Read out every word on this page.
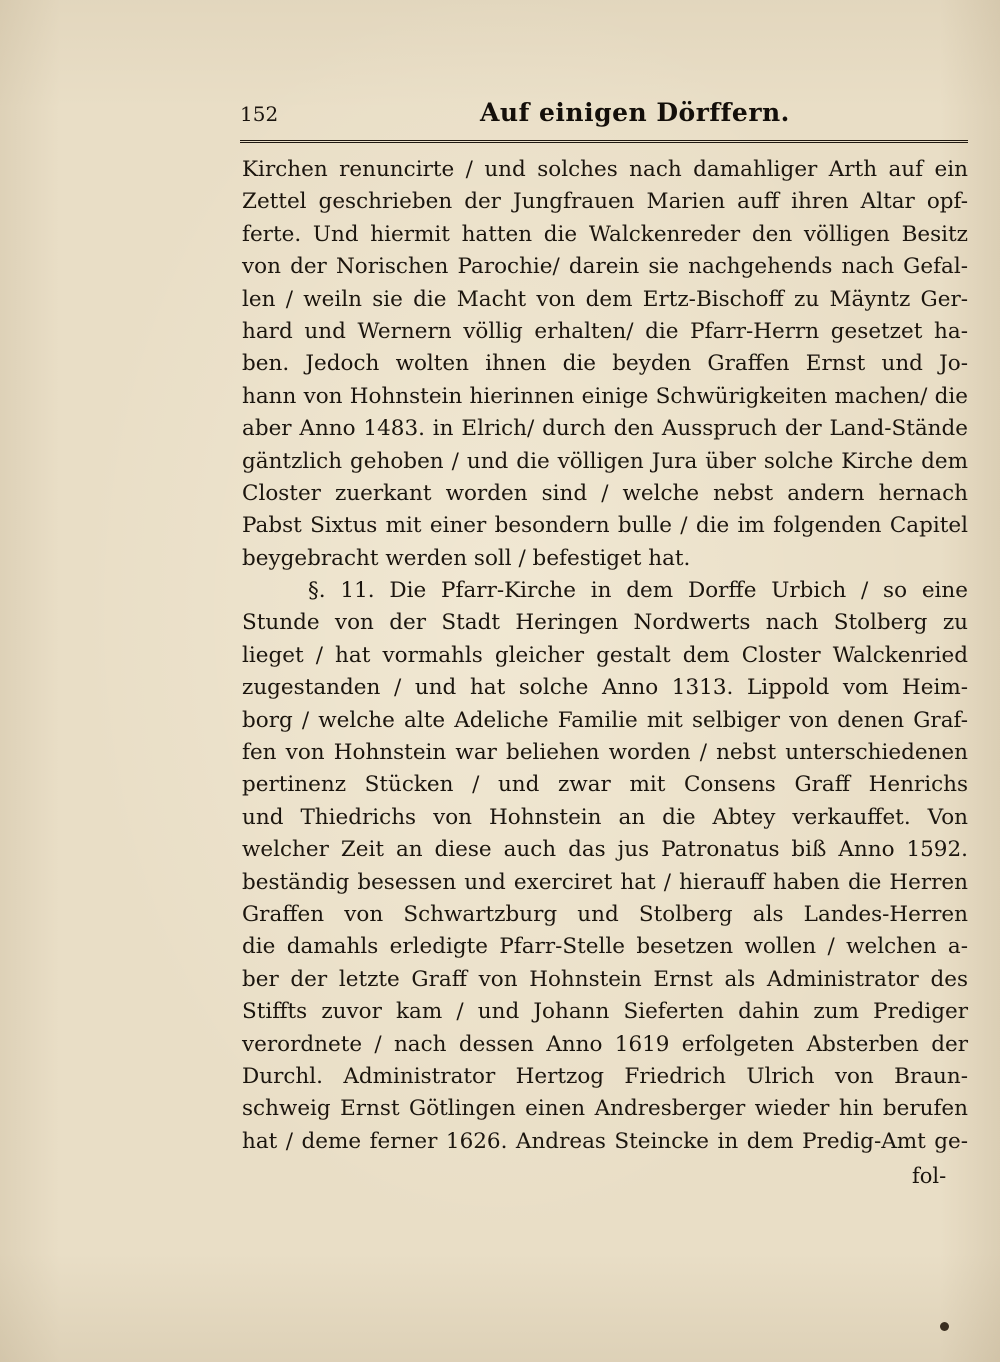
152	Auf einigen Dörffern.
Kirchen renuncirte / und solches nach damahliger Arth auf ein
Zettel geschrieben der Jungfrauen Marien auff ihren Altar opf-
ferte. Und hiermit hatten die Walckenreder den völligen Besitz
von der Norischen Parochie/ darein sie nachgehends nach Gefal-
len / weiln sie die Macht von dem Ertz-Bischoff zu Mäyntz Ger-
hard und Wernern völlig erhalten/ die Pfarr-Herrn gesetzet ha-
ben. Jedoch wolten ihnen die beyden Graffen Ernst und Jo-
hann von Hohnstein hierinnen einige Schwürigkeiten machen/ die
aber Anno 1483. in Elrich/ durch den Ausspruch der Land-Stände
gäntzlich gehoben / und die völligen Jura über solche Kirche dem
Closter zuerkant worden sind / welche nebst andern hernach
Pabst Sixtus mit einer besondern bulle / die im folgenden Capitel
beygebracht werden soll / befestiget hat.
§. 11. Die Pfarr-Kirche in dem Dorffe Urbich / so eine
Stunde von der Stadt Heringen Nordwerts nach Stolberg zu
lieget / hat vormahls gleicher gestalt dem Closter Walckenried
zugestanden / und hat solche Anno 1313. Lippold vom Heim-
borg / welche alte Adeliche Familie mit selbiger von denen Graf-
fen von Hohnstein war beliehen worden / nebst unterschiedenen
pertinenz Stücken / und zwar mit Consens Graff Henrichs
und Thiedrichs von Hohnstein an die Abtey verkauffet. Von
welcher Zeit an diese auch das jus Patronatus biß Anno 1592.
beständig besessen und exerciret hat / hierauff haben die Herren
Graffen von Schwartzburg und Stolberg als Landes-Herren
die damahls erledigte Pfarr-Stelle besetzen wollen / welchen a-
ber der letzte Graff von Hohnstein Ernst als Administrator des
Stiffts zuvor kam / und Johann Sieferten dahin zum Prediger
verordnete / nach dessen Anno 1619 erfolgeten Absterben der
Durchl. Administrator Hertzog Friedrich Ulrich von Braun-
schweig Ernst Götlingen einen Andresberger wieder hin berufen
hat / deme ferner 1626. Andreas Steincke in dem Predig-Amt ge-
fol-
